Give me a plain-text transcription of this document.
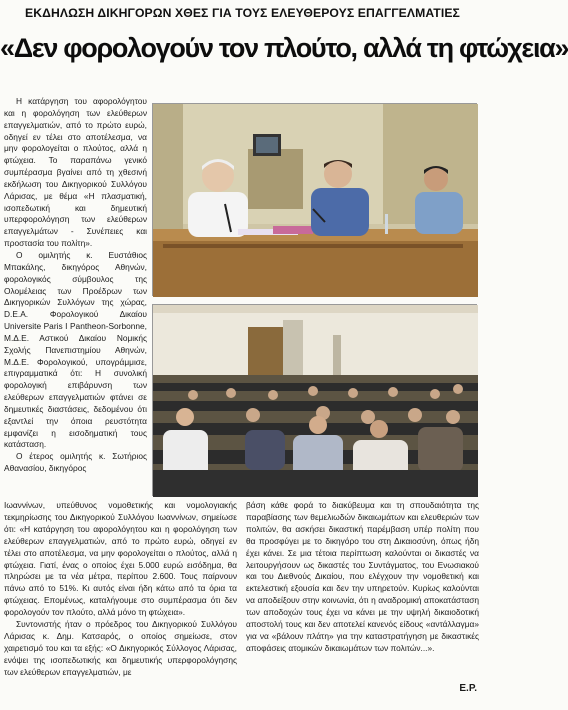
ΕΚΔΗΛΩΣΗ ΔΙΚΗΓΟΡΩΝ ΧΘΕΣ ΓΙΑ ΤΟΥΣ ΕΛΕΥΘΕΡΟΥΣ ΕΠΑΓΓΕΛΜΑΤΙΕΣ
«Δεν φορολογούν τον πλούτο, αλλά τη φτώχεια»

Η κατάργηση του αφορολόγητου και η φορολόγηση των ελεύθερων επαγγελματιών, από το πρώτο ευρώ, οδηγεί εν τέλει στο αποτέλεσμα, να μην φορολογείται ο πλούτος, αλλά η φτώχεια. Το παραπάνω γενικό συμπέρασμα βγαίνει από τη χθεσινή εκδήλωση του Δικηγορικού Συλλόγου Λάρισας, με θέμα «Η πλασματική, ισοπεδωτική και δημευτική υπερφορολόγηση των ελεύθερων επαγγελμάτων - Συνέπειες και προστασία του πολίτη».

Ο ομιλητής κ. Ευστάθιος Μπακάλης, δικηγόρος Αθηνών, φορολογικός σύμβουλος της Ολομέλειας των Προέδρων των Δικηγορικών Συλλόγων της χώρας, D.E.A. Φορολογικού Δικαίου Universite Paris I Pantheon-Sorbonne, Μ.Δ.Ε. Αστικού Δικαίου Νομικής Σχολής Πανεπιστημίου Αθηνών, Μ.Δ.Ε. Φορολογικού, υπογράμμισε, επιγραμματικά ότι: Η συνολική φορολογική επιβάρυνση των ελεύθερων επαγγελματιών φτάνει σε δημευτικές διαστάσεις, δεδομένου ότι εξαντλεί την όποια ρευστότητα εμφανίζει η εισοδηματική τους κατάσταση.

Ο έτερος ομιλητής κ. Σωτήριος Αθανασίου, δικηγόρος

Ιωαννίνων, υπεύθυνος νομοθετικής και νομολογιακής τεκμηρίωσης του Δικηγορικού Συλλόγου Ιωαννίνων, σημείωσε ότι: «Η κατάργηση του αφορολόγητου και η φορολόγηση των ελεύθερων επαγγελματιών, από το πρώτο ευρώ, οδηγεί εν τέλει στο αποτέλεσμα, να μην φορολογείται ο πλούτος, αλλά η φτώχεια. Γιατί, ένας ο οποίος έχει 5.000 ευρώ εισόδημα, θα πληρώσει με τα νέα μέτρα, περίπου 2.600. Τους παίρνουν πάνω από το 51%. Κι αυτός είναι ήδη κάτω από τα όρια τα φτώχειας. Επομένως, καταλήγουμε στο συμπέρασμα ότι δεν φορολογούν τον πλούτο, αλλά μόνο τη φτώχεια».

Συντονιστής ήταν ο πρόεδρος του Δικηγορικού Συλλόγου Λάρισας κ. Δημ. Κατσαρός, ο οποίος σημείωσε, στον χαιρετισμό του και τα εξής: «Ο Δικηγορικός Σύλλογος Λάρισας, ενόψει της ισοπεδωτικής και δημευτικής υπερφορολόγησης των ελεύθερων επαγγελματιών, με

βάση κάθε φορά το διακύβευμα και τη σπουδαιότητα της παραβίασης των θεμελιωδών δικαιωμάτων και ελευθεριών των πολιτών, θα ασκήσει δικαστική παρέμβαση υπέρ πολίτη που θα προσφύγει με το δικηγόρο του στη Δικαιοσύνη, όπως ήδη έχει κάνει. Σε μια τέτοια περίπτωση καλούνται οι δικαστές να λειτουργήσουν ως δικαστές του Συντάγματος, του Ενωσιακού και του Διεθνούς Δικαίου, που ελέγχουν την νομοθετική και εκτελεστική εξουσία και δεν την υπηρετούν. Κυρίως καλούνται να αποδείξουν στην κοινωνία, ότι η αναδρομική αποκατάσταση των αποδοχών τους έχει να κάνει με την υψηλή δικαιοδοτική αποστολή τους και δεν αποτελεί κανενός είδους «αντάλλαγμα» για να «βάλουν πλάτη» για την καταστρατήγηση με δικαστικές αποφάσεις ατομικών δικαιωμάτων των πολιτών...».

Ε.Ρ.
